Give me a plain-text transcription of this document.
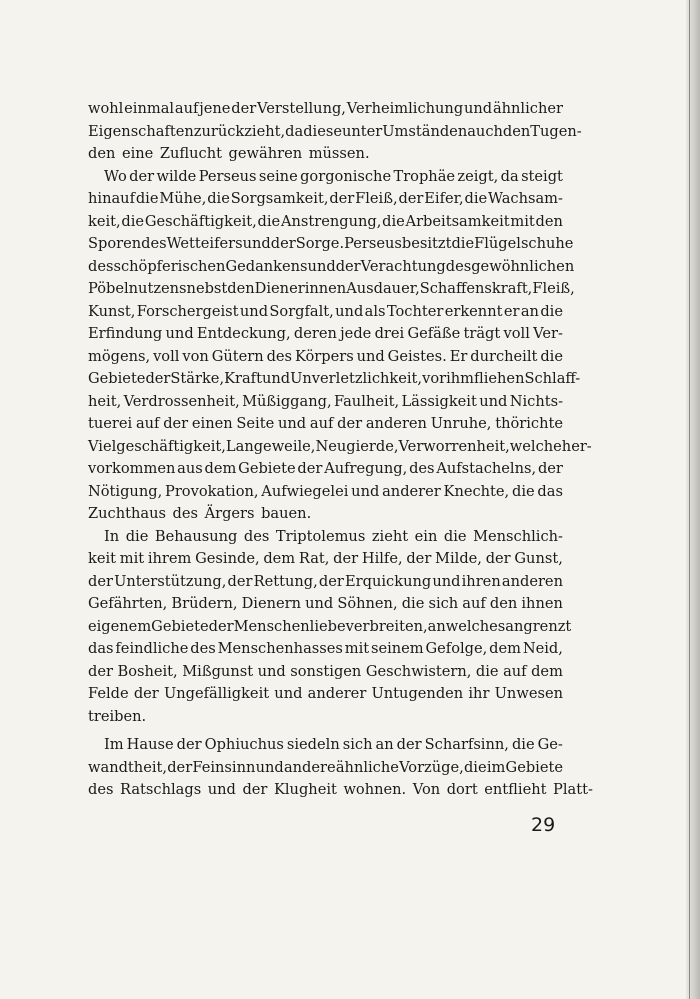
wohl einmal auf jene der Verstellung, Verheimlichung und ähnlicher
Eigenschaften zurückzieht, da diese unter Umständen auch den Tugen-
den eine Zuflucht gewähren müssen.
Wo der wilde Perseus seine gorgonische Trophäe zeigt, da steigt
hinauf die Mühe, die Sorgsamkeit, der Fleiß, der Eifer, die Wachsam-
keit, die Geschäftigkeit, die Anstrengung, die Arbeitsamkeit mit den
Sporen des Wetteifers und der Sorge. Perseus besitzt die Flügelschuhe
des schöpferischen Gedankens und der Verachtung des gewöhnlichen
Pöbelnutzens nebst den Dienerinnen Ausdauer, Schaffenskraft, Fleiß,
Kunst, Forschergeist und Sorgfalt, und als Tochter erkennt er an die
Erfindung und Entdeckung, deren jede drei Gefäße trägt voll Ver-
mögens, voll von Gütern des Körpers und Geistes. Er durcheilt die
Gebiete der Stärke, Kraft und Unverletzlichkeit, vor ihm fliehen Schlaff-
heit, Verdrossenheit, Müßiggang, Faulheit, Lässigkeit und Nichts-
tuerei auf der einen Seite und auf der anderen Unruhe, thörichte
Vielgeschäftigkeit, Langeweile, Neugierde, Verworrenheit, welche her-
vorkommen aus dem Gebiete der Aufregung, des Aufstachelns, der
Nötigung, Provokation, Aufwiegelei und anderer Knechte, die das
Zuchthaus des Ärgers bauen.
In die Behausung des Triptolemus zieht ein die Menschlich-
keit mit ihrem Gesinde, dem Rat, der Hilfe, der Milde, der Gunst,
der Unterstützung, der Rettung, der Erquickung und ihren anderen
Gefährten, Brüdern, Dienern und Söhnen, die sich auf den ihnen
eigenem Gebiete der Menschenliebe verbreiten, an welches angrenzt
das feindliche des Menschenhasses mit seinem Gefolge, dem Neid,
der Bosheit, Mißgunst und sonstigen Geschwistern, die auf dem
Felde der Ungefälligkeit und anderer Untugenden ihr Unwesen
treiben.
Im Hause der Ophiuchus siedeln sich an der Scharfsinn, die Ge-
wandtheit, der Feinsinn und andere ähnliche Vorzüge, die im Gebiete
des Ratschlags und der Klugheit wohnen. Von dort entflieht Platt-
29
